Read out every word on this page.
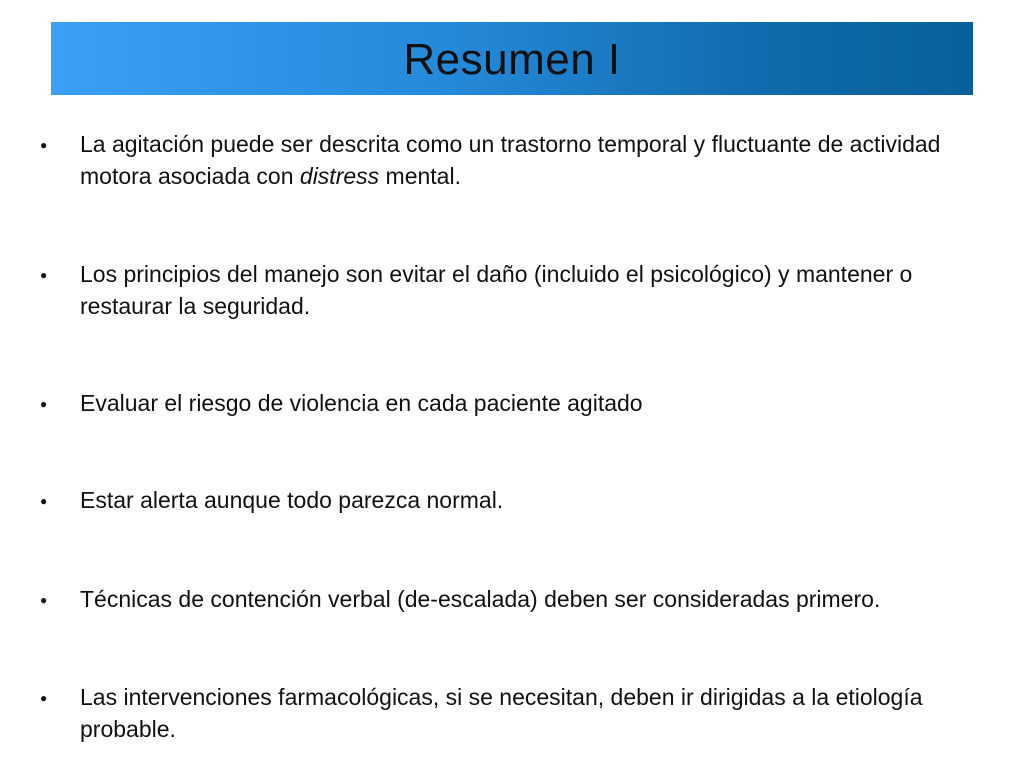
Resumen I
●	La agitación puede ser descrita como un trastorno temporal y fluctuante de actividad motora asociada con distress mental.
●	Los principios del manejo son evitar el daño (incluido el psicológico) y mantener o restaurar la seguridad.
●	Evaluar el riesgo de violencia en cada paciente agitado
●	Estar alerta aunque todo parezca normal.
●	Técnicas de contención verbal (de-escalada) deben ser consideradas primero.
●	Las intervenciones farmacológicas, si se necesitan, deben ir dirigidas a la etiología probable.
